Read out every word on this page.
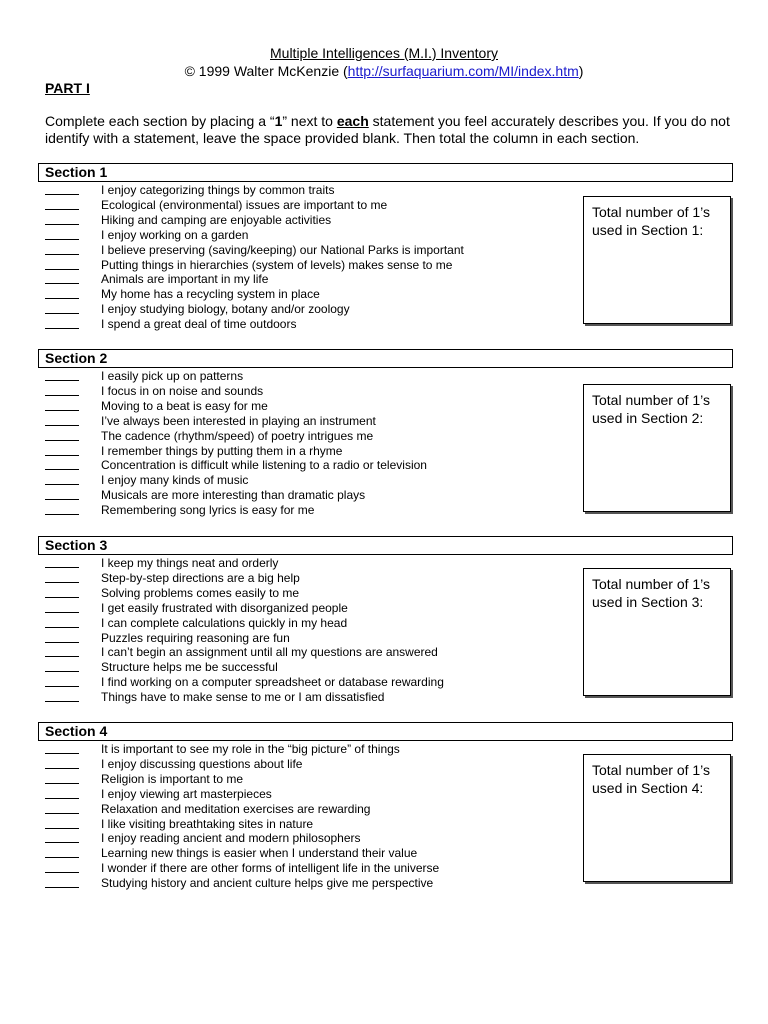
Multiple Intelligences (M.I.) Inventory
© 1999 Walter McKenzie (http://surfaquarium.com/MI/index.htm)
PART I
Complete each section by placing a “1” next to each statement you feel accurately describes you. If you do not identify with a statement, leave the space provided blank. Then total the column in each section.
Section 1
I enjoy categorizing things by common traits
Ecological (environmental) issues are important to me
Hiking and camping are enjoyable activities
I enjoy working on a garden
I believe preserving (saving/keeping) our National Parks is important
Putting things in hierarchies (system of levels) makes sense to me
Animals are important in my life
My home has a recycling system in place
I enjoy studying biology, botany and/or zoology
I spend a great deal of time outdoors
Total number of 1’s used in Section 1:
Section 2
I easily pick up on patterns
I focus in on noise and sounds
Moving to a beat is easy for me
I’ve always been interested in playing an instrument
The cadence (rhythm/speed) of poetry intrigues me
I remember things by putting them in a rhyme
Concentration is difficult while listening to a radio or television
I enjoy many kinds of music
Musicals are more interesting than dramatic plays
Remembering song lyrics is easy for me
Total number of 1’s used in Section 2:
Section 3
I keep my things neat and orderly
Step-by-step directions are a big help
Solving problems comes easily to me
I get easily frustrated with disorganized people
I can complete calculations quickly in my head
Puzzles requiring reasoning are fun
I can’t begin an assignment until all my questions are answered
Structure helps me be successful
I find working on a computer spreadsheet or database rewarding
Things have to make sense to me or I am dissatisfied
Total number of 1’s used in Section 3:
Section 4
It is important to see my role in the “big picture” of things
I enjoy discussing questions about life
Religion is important to me
I enjoy viewing art masterpieces
Relaxation and meditation exercises are rewarding
I like visiting breathtaking sites in nature
I enjoy reading ancient and modern philosophers
Learning new things is easier when I understand their value
I wonder if there are other forms of intelligent life in the universe
Studying history and ancient culture helps give me perspective
Total number of 1’s used in Section 4:
